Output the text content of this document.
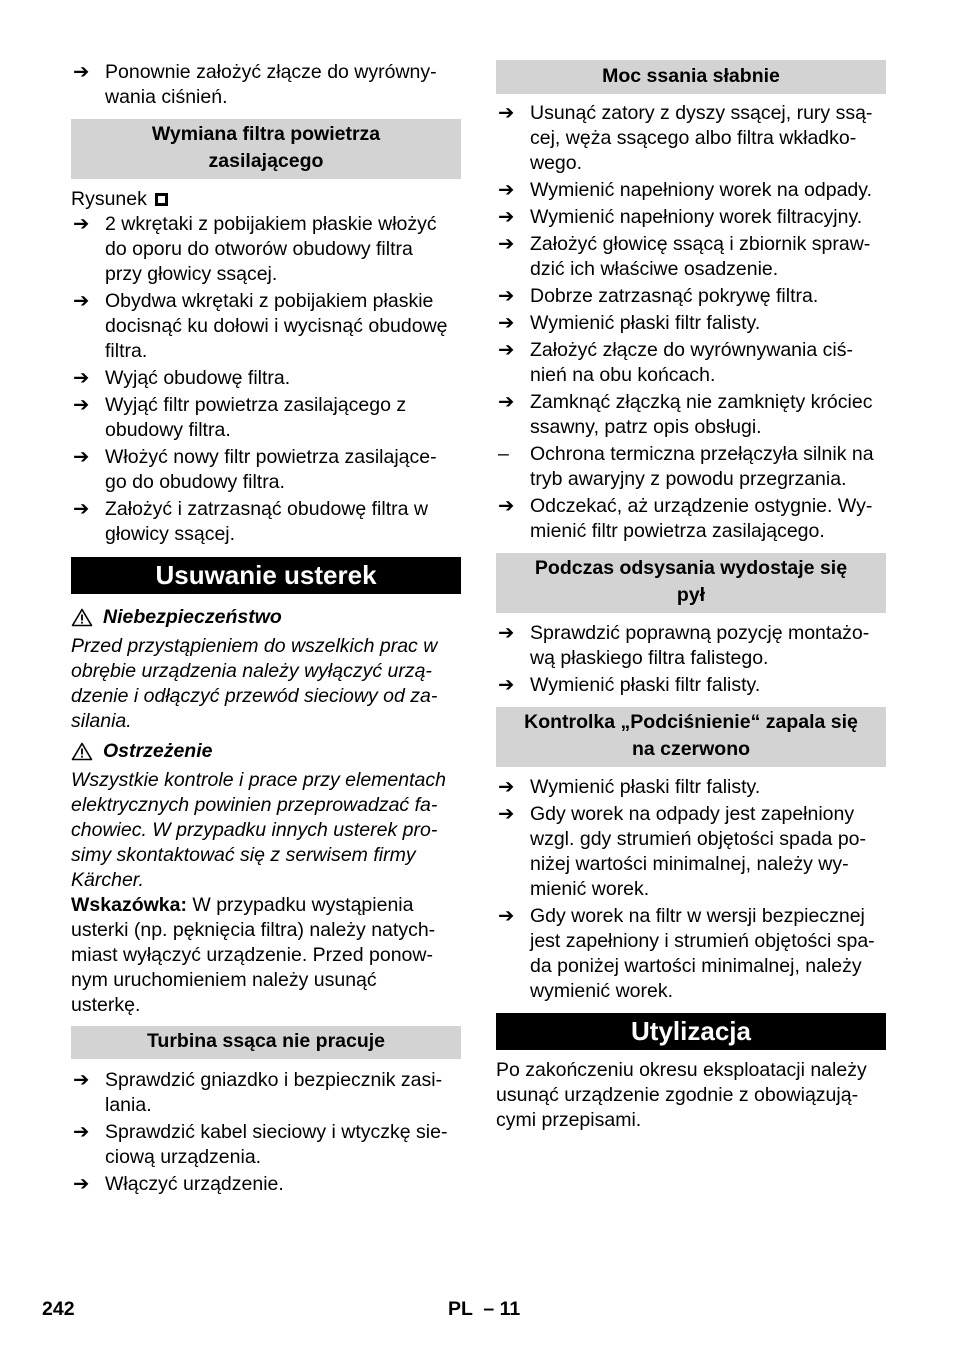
➔ Ponownie założyć złącze do wyrówny-
wania ciśnień.
Wymiana filtra powietrza
zasilającego
Rysunek
➔ 2 wkrętaki z pobijakiem płaskie włożyć
do oporu do otworów obudowy filtra
przy głowicy ssącej.
➔ Obydwa wkrętaki z pobijakiem płaskie
docisnąć ku dołowi i wycisnąć obudowę
filtra.
➔ Wyjąć obudowę filtra.
➔ Wyjąć filtr powietrza zasilającego z
obudowy filtra.
➔ Włożyć nowy filtr powietrza zasilające-
go do obudowy filtra.
➔ Założyć i zatrzasnąć obudowę filtra w
głowicy ssącej.
Usuwanie usterek
Niebezpieczeństwo
Przed przystąpieniem do wszelkich prac w
obrębie urządzenia należy wyłączyć urzą-
dzenie i odłączyć przewód sieciowy od za-
silania.
Ostrzeżenie
Wszystkie kontrole i prace przy elementach
elektrycznych powinien przeprowadzać fa-
chowiec. W przypadku innych usterek pro-
simy skontaktować się z serwisem firmy
Kärcher.
Wskazówka: W przypadku wystąpienia
usterki (np. pęknięcia filtra) należy natych-
miast wyłączyć urządzenie. Przed ponow-
nym uruchomieniem należy usunąć
usterkę.
Turbina ssąca nie pracuje
➔ Sprawdzić gniazdko i bezpiecznik zasi-
lania.
➔ Sprawdzić kabel sieciowy i wtyczkę sie-
ciową urządzenia.
➔ Włączyć urządzenie.
Moc ssania słabnie
➔ Usunąć zatory z dyszy ssącej, rury ssą-
cej, węża ssącego albo filtra wkładko-
wego.
➔ Wymienić napełniony worek na odpady.
➔ Wymienić napełniony worek filtracyjny.
➔ Założyć głowicę ssącą i zbiornik spraw-
dzić ich właściwe osadzenie.
➔ Dobrze zatrzasnąć pokrywę filtra.
➔ Wymienić płaski filtr falisty.
➔ Założyć złącze do wyrównywania ciś-
nień na obu końcach.
➔ Zamknąć złączką nie zamknięty króciec
ssawny, patrz opis obsługi.
–	Ochrona termiczna przełączyła silnik na
tryb awaryjny z powodu przegrzania.
➔ Odczekać, aż urządzenie ostygnie. Wy-
mienić filtr powietrza zasilającego.
Podczas odsysania wydostaje się
pył
➔ Sprawdzić poprawną pozycję montażo-
wą płaskiego filtra falistego.
➔ Wymienić płaski filtr falisty.
Kontrolka „Podciśnienie“ zapala się
na czerwono
➔ Wymienić płaski filtr falisty.
➔ Gdy worek na odpady jest zapełniony
wzgl. gdy strumień objętości spada po-
niżej wartości minimalnej, należy wy-
mienić worek.
➔ Gdy worek na filtr w wersji bezpiecznej
jest zapełniony i strumień objętości spa-
da poniżej wartości minimalnej, należy
wymienić worek.
Utylizacja
Po zakończeniu okresu eksploatacji należy
usunąć urządzenie zgodnie z obowiązują-
cymi przepisami.
242	PL  – 11
